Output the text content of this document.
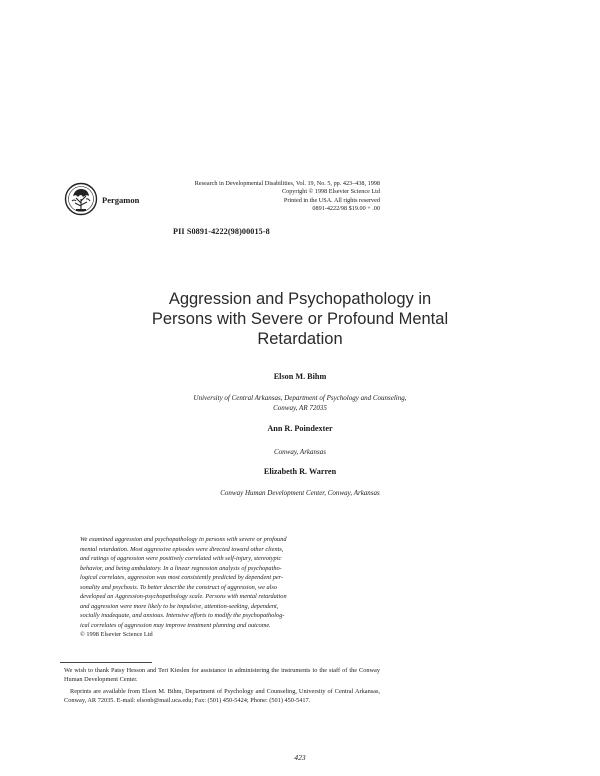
Pergamon
Research in Developmental Disabilities, Vol. 19, No. 5, pp. 423–438, 1998
Copyright © 1998 Elsevier Science Ltd
Printed in the USA. All rights reserved
0891-4222/98 $19.00 + .00
PII S0891-4222(98)00015-8
Aggression and Psychopathology in
Persons with Severe or Profound Mental
Retardation
Elson M. Bihm
University of Central Arkansas, Department of Psychology and Counseling,
Conway, AR 72035
Ann R. Poindexter
Conway, Arkansas
Elizabeth R. Warren
Conway Human Development Center, Conway, Arkansas
We examined aggression and psychopathology in persons with severe or profound
mental retardation. Most aggressive episodes were directed toward other clients,
and ratings of aggression were positively correlated with self-injury, stereotypic
behavior, and being ambulatory. In a linear regression analysis of psychopatho-
logical correlates, aggression was most consistently predicted by dependent per-
sonality and psychosis. To better describe the construct of aggression, we also
developed an Aggression-psychopathology scale. Persons with mental retardation
and aggression were more likely to be impulsive, attention-seeking, dependent,
socially inadequate, and anxious. Intensive efforts to modify the psychopatholog-
ical correlates of aggression may improve treatment planning and outcome.
© 1998 Elsevier Science Ltd

We wish to thank Patsy Hesson and Teri Kieslen for assistance in administering the instruments to the staff of the Conway Human Development Center.

Reprints are available from Elson M. Bihm, Department of Psychology and Counseling, University of Central Arkansas, Conway, AR 72035. E-mail: elsonb@mail.uca.edu; Fax: (501) 450-5424; Phone: (501) 450-5417.

423
